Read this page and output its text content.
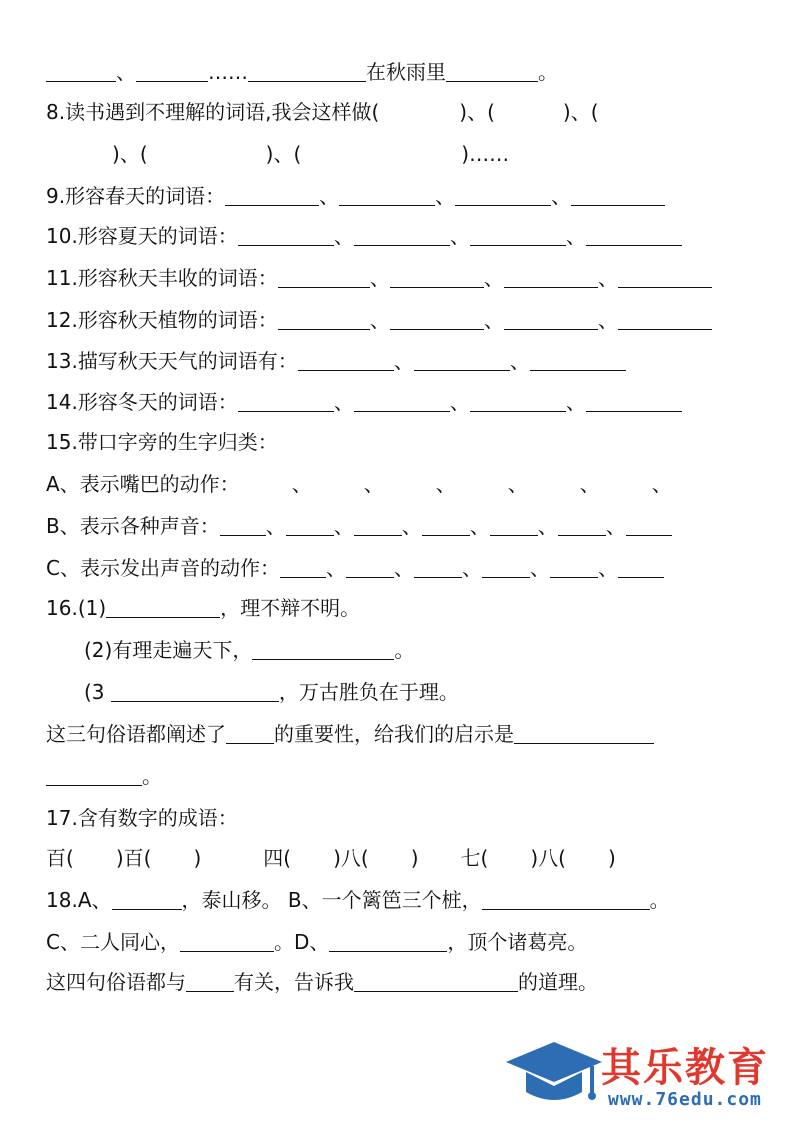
、	……	在秋雨里	。
8.读书遇到不理解的词语,我会这样做(	)、(	)、(
)、(	)、(	)……
9.形容春天的词语：	、	、	、
10.形容夏天的词语：	、	、	、
11.形容秋天丰收的词语：	、	、	、
12.形容秋天植物的词语：	、	、	、
13.描写秋天天气的词语有：	、	、
14.形容冬天的词语：	、	、	、
15.带口字旁的生字归类：
A、表示嘴巴的动作：	、	、	、	、	、	、
B、表示各种声音： 、 、 、 、 、 、
C、表示发出声音的动作： 、 、 、 、 、
16.(1)	，理不辩不明。
(2)有理走遍天下，	。
(3	，万古胜负在于理。
这三句俗语都阐述了 的重要性，给我们的启示是
。
17.含有数字的成语：
百( )百( )	四( )八( ) 七( )八( )
18.A、	，泰山移。 B、一个篱笆三个桩，	。
C、二人同心，	。D、	，顶个诸葛亮。
这四句俗语都与 有关，告诉我	的道理。
其乐教育
www.76edu.com
